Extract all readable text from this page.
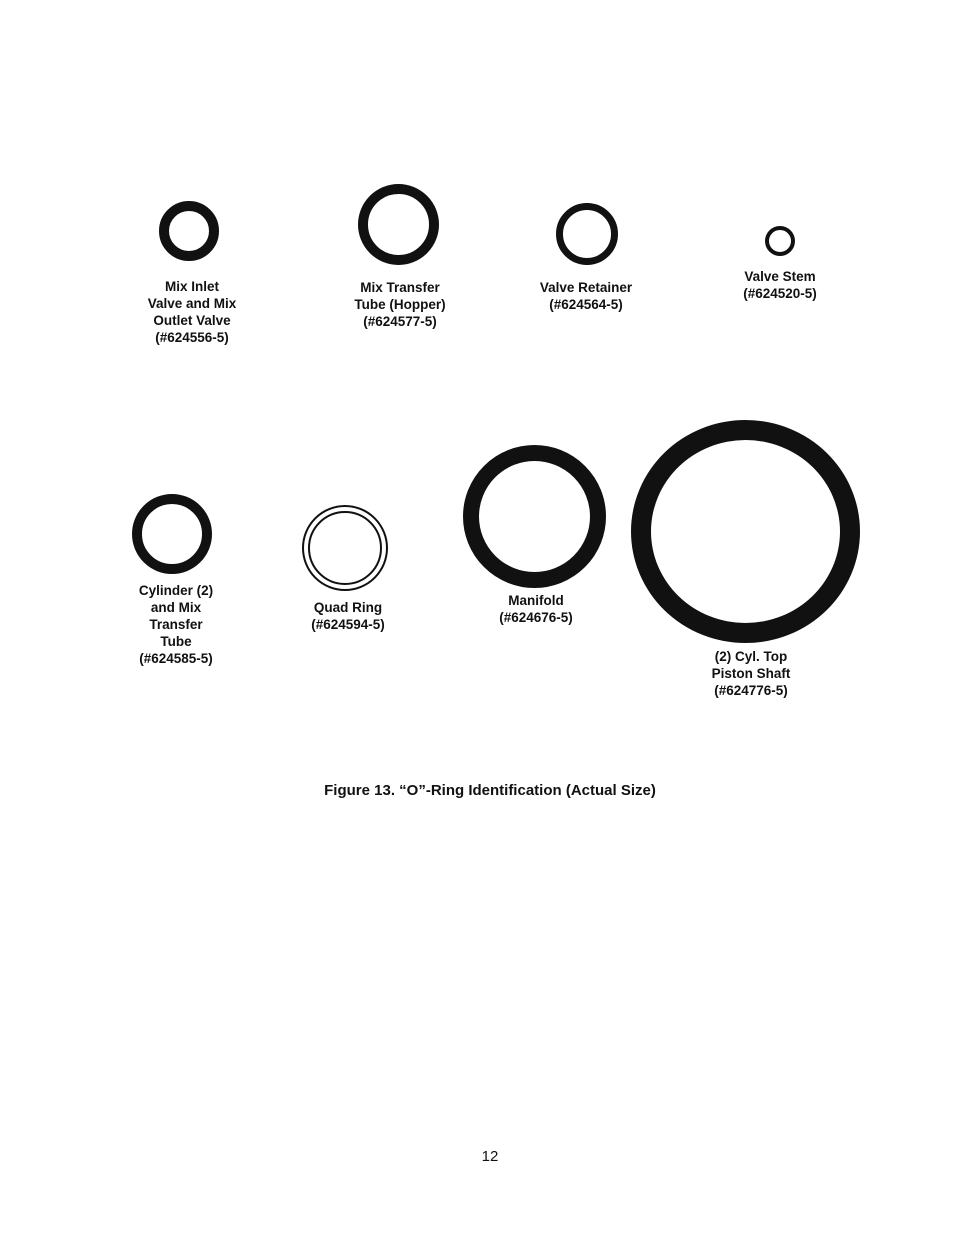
Mix Inlet
Valve and Mix
Outlet Valve
(#624556-5)
Mix Transfer
Tube (Hopper)
(#624577-5)
Valve Retainer
(#624564-5)
Valve Stem
(#624520-5)
Cylinder (2)
and Mix
Transfer
Tube
(#624585-5)
Quad Ring
(#624594-5)
Manifold
(#624676-5)
(2) Cyl. Top
Piston Shaft
(#624776-5)
Figure 13. “O”-Ring Identification (Actual Size)
12
